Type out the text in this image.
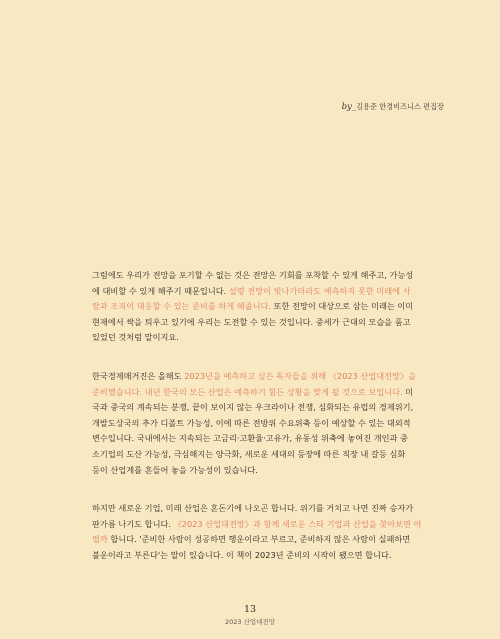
by_김용준 한경비즈니스 편집장

그럼에도 우리가 전망을 포기할 수 없는 것은 전망은 기회를 포착할 수 있게 해주고, 가능성
에 대비할 수 있게 해주기 때문입니다. 설령 전망이 빗나가더라도 예측하지 못한 미래에 사
람과 조직이 대응할 수 있는 준비를 하게 해줍니다. 또한 전망이 대상으로 삼는 미래는 이미
현재에서 싹을 틔우고 있기에 우리는 도전할 수 있는 것입니다. 중세가 근대의 모습을 품고
있었던 것처럼 말이지요.

한국경제매거진은 올해도 2023년을 예측하고 싶은 독자들을 위해 《2023 산업대전망》을
준비했습니다. 내년 한국의 모든 산업은 예측하기 힘든 상황을 맞게 될 것으로 보입니다. 미
국과 중국의 계속되는 분쟁, 끝이 보이지 않는 우크라이나 전쟁, 심화되는 유럽의 경제위기,
개발도상국의 추가 디폴트 가능성, 이에 따른 전방위 수요위축 등이 예상할 수 있는 대외적
변수입니다. 국내에서는 지속되는 고금리·고환율·고유가, 유동성 위축에 놓여진 개인과 중
소기업의 도산 가능성, 극심해지는 양극화, 새로운 세대의 등장에 따른 직장 내 갈등 심화
등이 산업계를 흔들어 놓을 가능성이 있습니다.

하지만 새로운 기업, 미래 산업은 혼돈기에 나오곤 합니다. 위기를 거치고 나면 진짜 승자가
판가름 나기도 합니다. 《2023 산업대전망》과 함께 새로운 스타 기업과 산업을 찾아보면 어
떨까 합니다. '준비한 사람이 성공하면 행운이라고 부르고, 준비하지 않은 사람이 실패하면
불운이라고 부른다'는 말이 있습니다. 이 책이 2023년 준비의 시작이 됐으면 합니다.

13
2023 산업대전망
